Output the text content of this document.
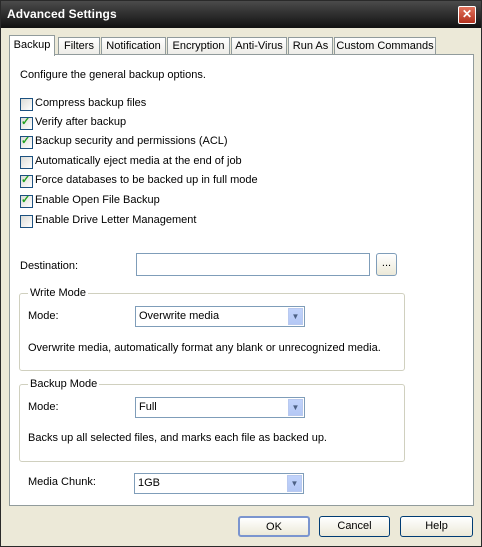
Advanced Settings	✕
Backup	Filters	Notification	Encryption Anti-Virus Run As Custom Commands
Configure the general backup options.
Compress backup files
✓ Verify after backup
✓ Backup security and permissions (ACL)
Automatically eject media at the end of job
✓ Force databases to be backed up in full mode
✓ Enable Open File Backup
Enable Drive Letter Management
Destination:	...
Write Mode
Mode:	Overwrite media	▼
Overwrite media, automatically format any blank or unrecognized media.
Backup Mode
Mode:	Full	▼
Backs up all selected files, and marks each file as backed up.
Media Chunk:	1GB	▼
OK	Cancel	Help
